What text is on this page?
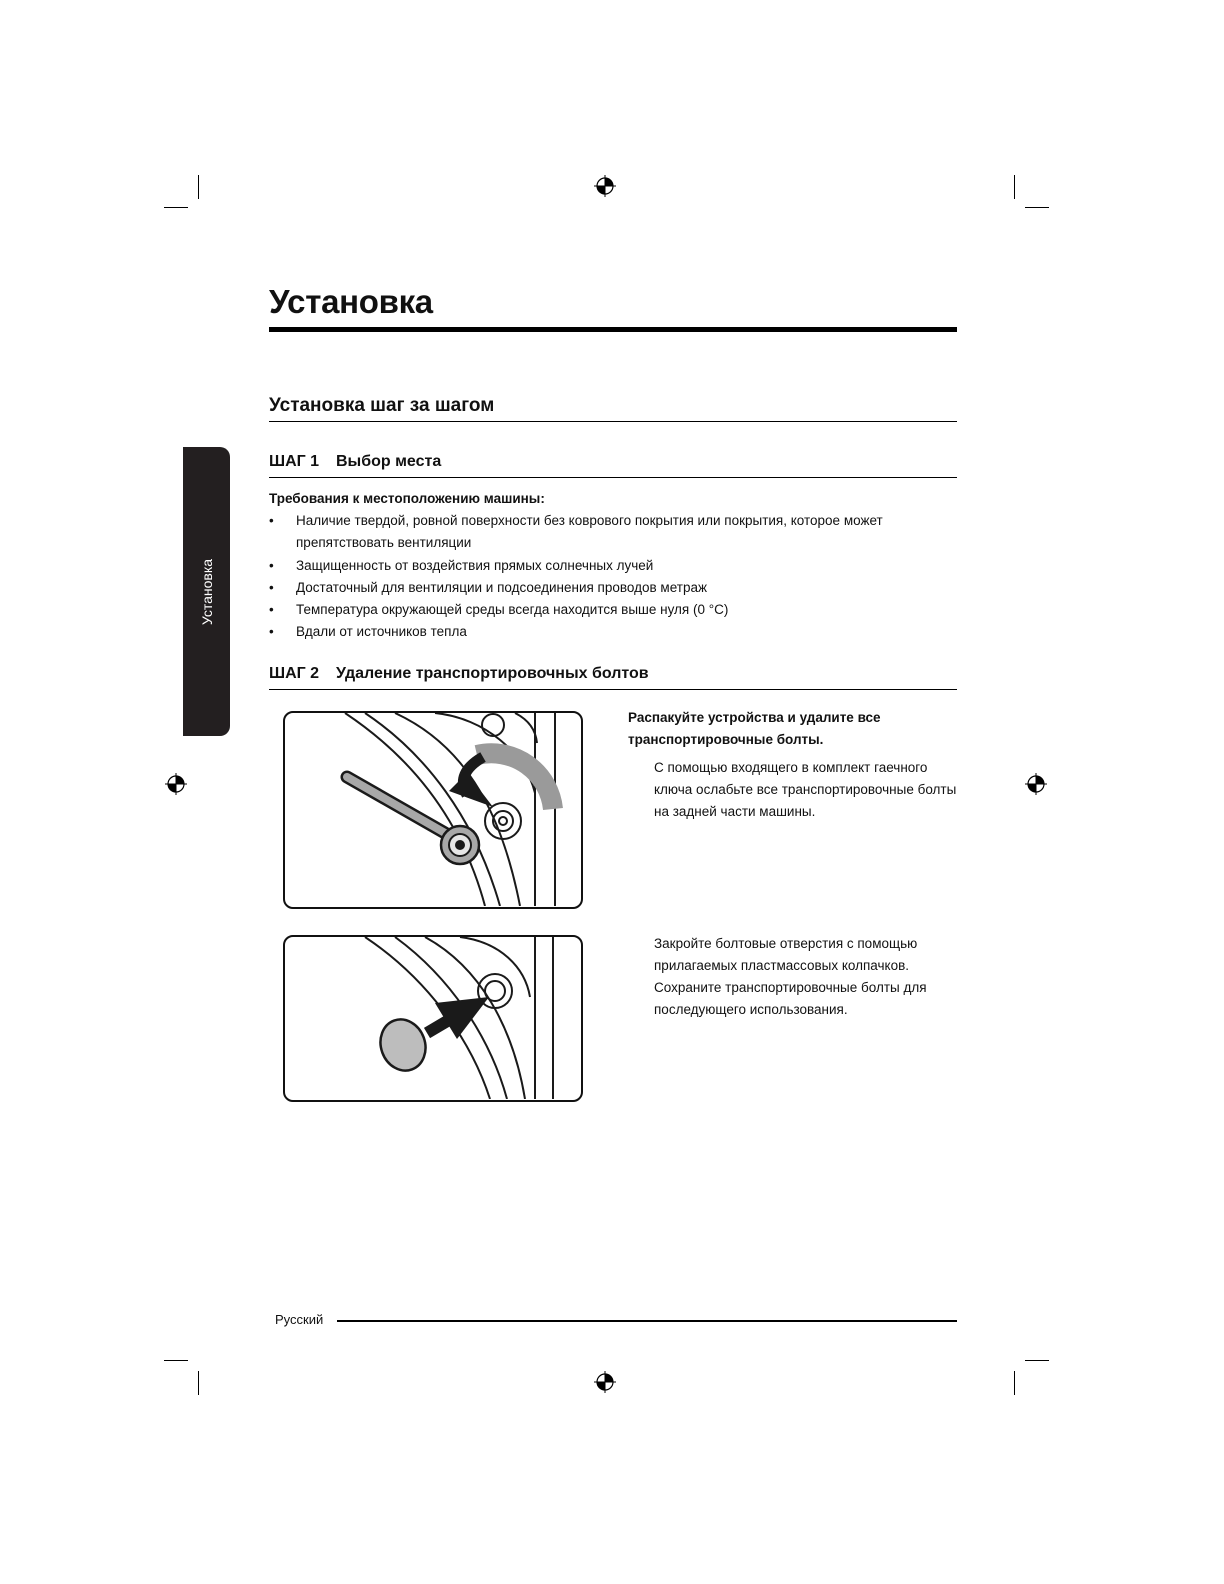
Установка
Установка шаг за шагом
Установка
ШАГ 1 Выбор места
Требования к местоположению машины:
• Наличие твердой, ровной поверхности без коврового покрытия или покрытия, которое может препятствовать вентиляции
• Защищенность от воздействия прямых солнечных лучей
• Достаточный для вентиляции и подсоединения проводов метраж
• Температура окружающей среды всегда находится выше нуля (0 °C)
• Вдали от источников тепла
ШАГ 2 Удаление транспортировочных болтов
Распакуйте устройства и удалите все транспортировочные болты.
С помощью входящего в комплект гаечного ключа ослабьте все транспортировочные болты на задней части машины.
Закройте болтовые отверстия с помощью прилагаемых пластмассовых колпачков. Сохраните транспортировочные болты для последующего использования.
Русский
